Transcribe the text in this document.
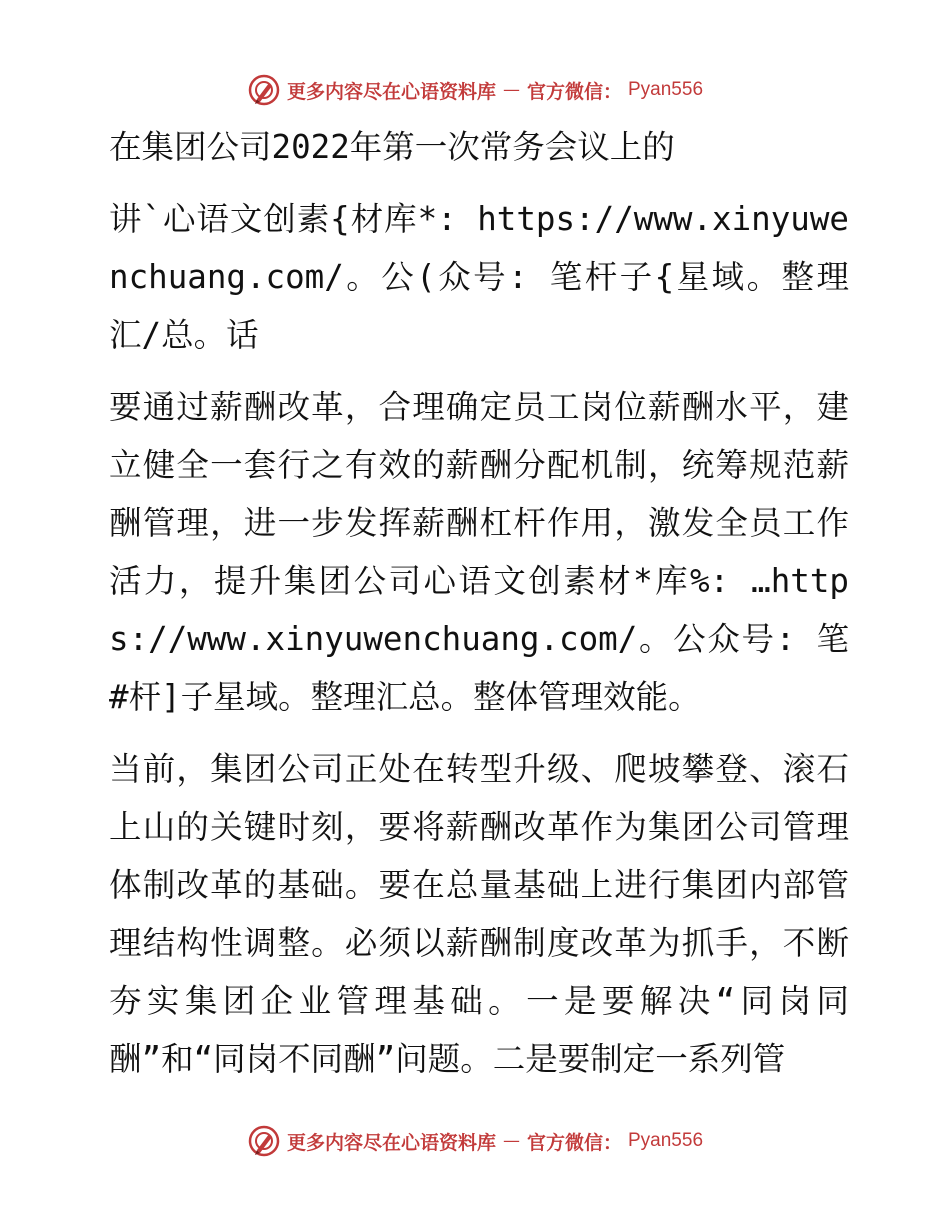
更多内容尽在心语资料库 — 官方微信： Pyan556

在集团公司2022年第一次常务会议上的

讲`心语文创素{材库*: https://www.xinyuwenchuang.com/。公(众号: 笔杆子{星域。整理汇/总。话

要通过薪酬改革，合理确定员工岗位薪酬水平，建立健全一套行之有效的薪酬分配机制，统筹规范薪酬管理，进一步发挥薪酬杠杆作用，激发全员工作活力，提升集团公司心语文创素材*库%: …https://www.xinyuwenchuang.com/。公众号: 笔#杆]子星域。整理汇总。整体管理效能。

当前，集团公司正处在转型升级、爬坡攀登、滚石上山的关键时刻，要将薪酬改革作为集团公司管理体制改革的基础。要在总量基础上进行集团内部管理结构性调整。必须以薪酬制度改革为抓手，不断夯实集团企业管理基础。一是要解决“同岗同酬”和“同岗不同酬”问题。二是要制定一系列管

更多内容尽在心语资料库 — 官方微信： Pyan556
